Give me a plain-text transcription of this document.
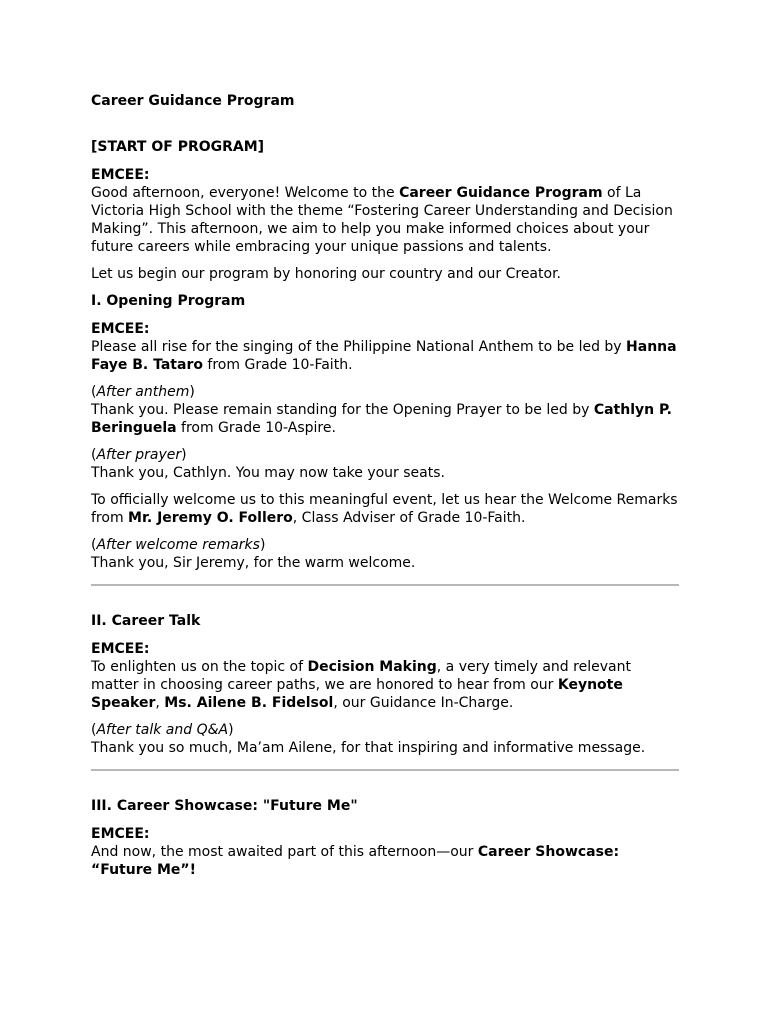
Career Guidance Program

[START OF PROGRAM]

EMCEE:

Good afternoon, everyone! Welcome to the Career Guidance Program of La Victoria High School with the theme “Fostering Career Understanding and Decision Making”. This afternoon, we aim to help you make informed choices about your future careers while embracing your unique passions and talents.

Let us begin our program by honoring our country and our Creator.

I. Opening Program

EMCEE:

Please all rise for the singing of the Philippine National Anthem to be led by Hanna Faye B. Tataro from Grade 10-Faith.

(After anthem)

Thank you. Please remain standing for the Opening Prayer to be led by Cathlyn P. Beringuela from Grade 10-Aspire.

(After prayer)

Thank you, Cathlyn. You may now take your seats.

To officially welcome us to this meaningful event, let us hear the Welcome Remarks from Mr. Jeremy O. Follero, Class Adviser of Grade 10-Faith.

(After welcome remarks)

Thank you, Sir Jeremy, for the warm welcome.

II. Career Talk

EMCEE:

To enlighten us on the topic of Decision Making, a very timely and relevant matter in choosing career paths, we are honored to hear from our Keynote Speaker, Ms. Ailene B. Fidelsol, our Guidance In-Charge.

(After talk and Q&A)

Thank you so much, Ma’am Ailene, for that inspiring and informative message.

III. Career Showcase: "Future Me"

EMCEE:

And now, the most awaited part of this afternoon—our Career Showcase: “Future Me”!
